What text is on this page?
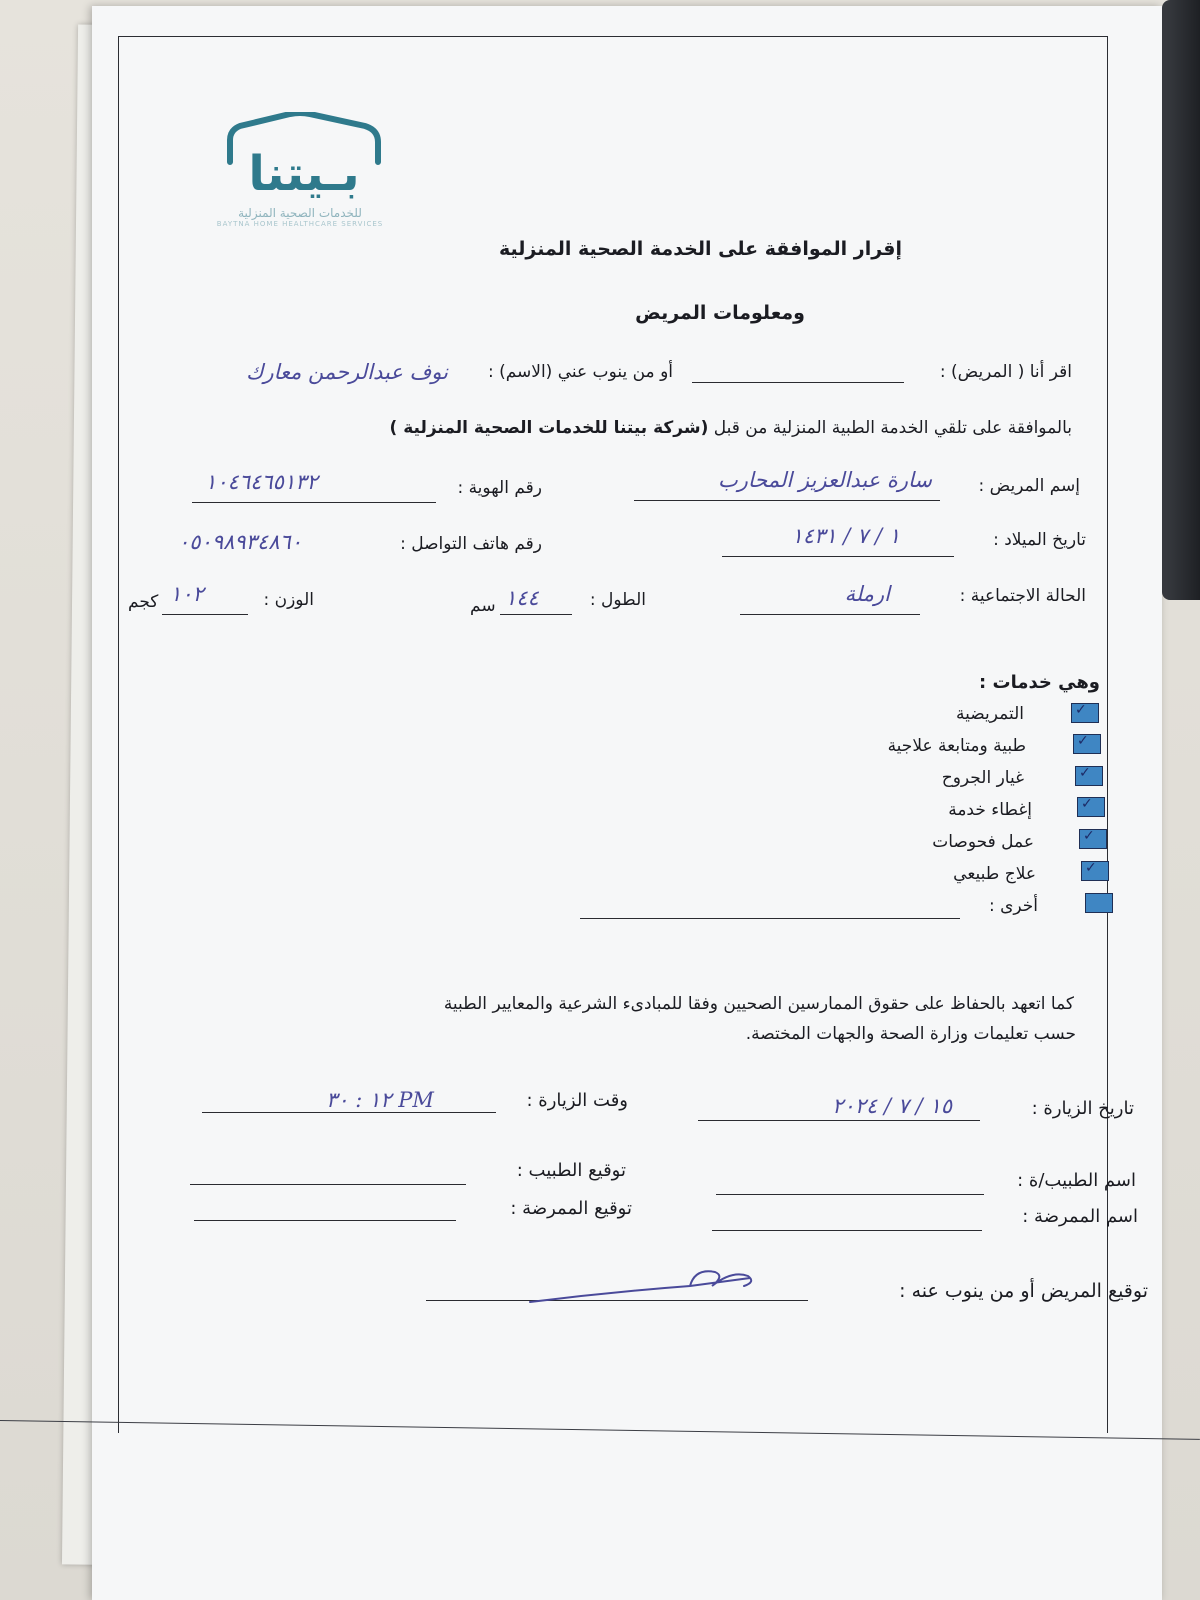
بـيتنا
للخدمات الصحية المنزلية
BAYTNA HOME HEALTHCARE SERVICES
إقرار الموافقة على الخدمة الصحية المنزلية
ومعلومات المريض
اقر أنا ( المريض) :
أو من ينوب عني (الاسم) :
نوف عبدالرحمن معارك
بالموافقة على تلقي الخدمة الطبية المنزلية من قبل (شركة بيتنا للخدمات الصحية المنزلية )
إسم المريض :
سارة عبدالعزيز المحارب
رقم الهوية :
١٠٤٦٤٦٥١٣٢
تاريخ الميلاد :
١ / ٧ / ١٤٣١
رقم هاتف التواصل :
٠٥٠٩٨٩٣٤٨٦٠
الحالة الاجتماعية :
ارملة
الطول :
١٤٤
سم
الوزن :
١٠٢
كجم
وهي خدمات :
التمريضية	✓
طبية ومتابعة علاجية	✓
غيار الجروح	✓
إغطاء خدمة	✓
عمل فحوصات	✓
علاج طبيعي	✓
أخرى :
كما اتعهد بالحفاظ على حقوق الممارسين الصحيين وفقا للمبادىء الشرعية والمعايير الطبية
حسب تعليمات وزارة الصحة والجهات المختصة.
تاريخ الزيارة :
١٥ / ٧ / ٢٠٢٤
وقت الزيارة :
١٢ : ٣٠ PM
اسم الطبيب/ة :
توقيع الطبيب :
اسم الممرضة :
توقيع الممرضة :
توقيع المريض أو من ينوب عنه :
